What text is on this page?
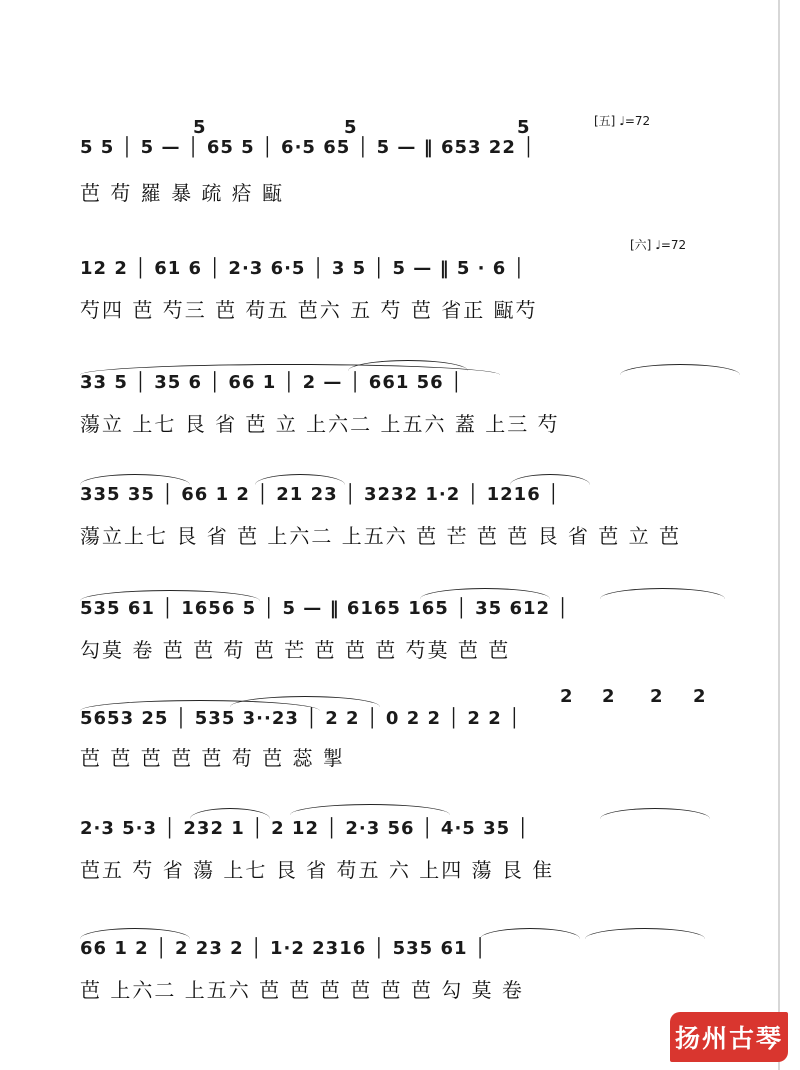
[五] ♩=72
[六] ♩=72
5	5	5
5 5 │ 5 — │ 65 5 │ 6·5 65 │ 5 — ‖ 653 22 │
芭 苟 羅 暴 疏 㾑 甌
12 2 │ 61 6 │ 2·3 6·5 │ 3 5 │ 5 — ‖ 5 · 6 │
芍四 芭 芍三 芭 苟五 芭六 五 芍 芭 省正 甌芍
33 5 │ 35 6 │ 66 1 │ 2 — │ 661 56 │
蕩立 上七 艮 省 芭 立 上六二 上五六 蓋 上三 芍
335 35 │ 66 1 2 │ 21 23 │ 3232 1·2 │ 1216 │
蕩立上七 艮 省 芭 上六二 上五六 芭 芒 芭 芭 艮 省 芭 立 芭
535 61 │ 1656 5 │ 5 — ‖ 6165 165 │ 35 612 │
勾莫 卷 芭 芭 苟 芭 芒 芭 芭 芭 芍莫 芭 芭
2 2 2 2
5653 25 │ 535 3··23 │ 2 2 │ 0 2 2 │ 2 2 │
芭 芭 芭 芭 芭 苟 芭 蕊 掣
2·3 5·3 │ 232 1 │ 2 12 │ 2·3 56 │ 4·5 35 │
芭五 芍 省 蕩 上七 艮 省 苟五 六 上四 蕩 艮 隹
66 1 2 │ 2 23 2 │ 1·2 2316 │ 535 61 │
芭 上六二 上五六 芭 芭 芭 芭 芭 芭 勾 莫 卷
扬州古琴
